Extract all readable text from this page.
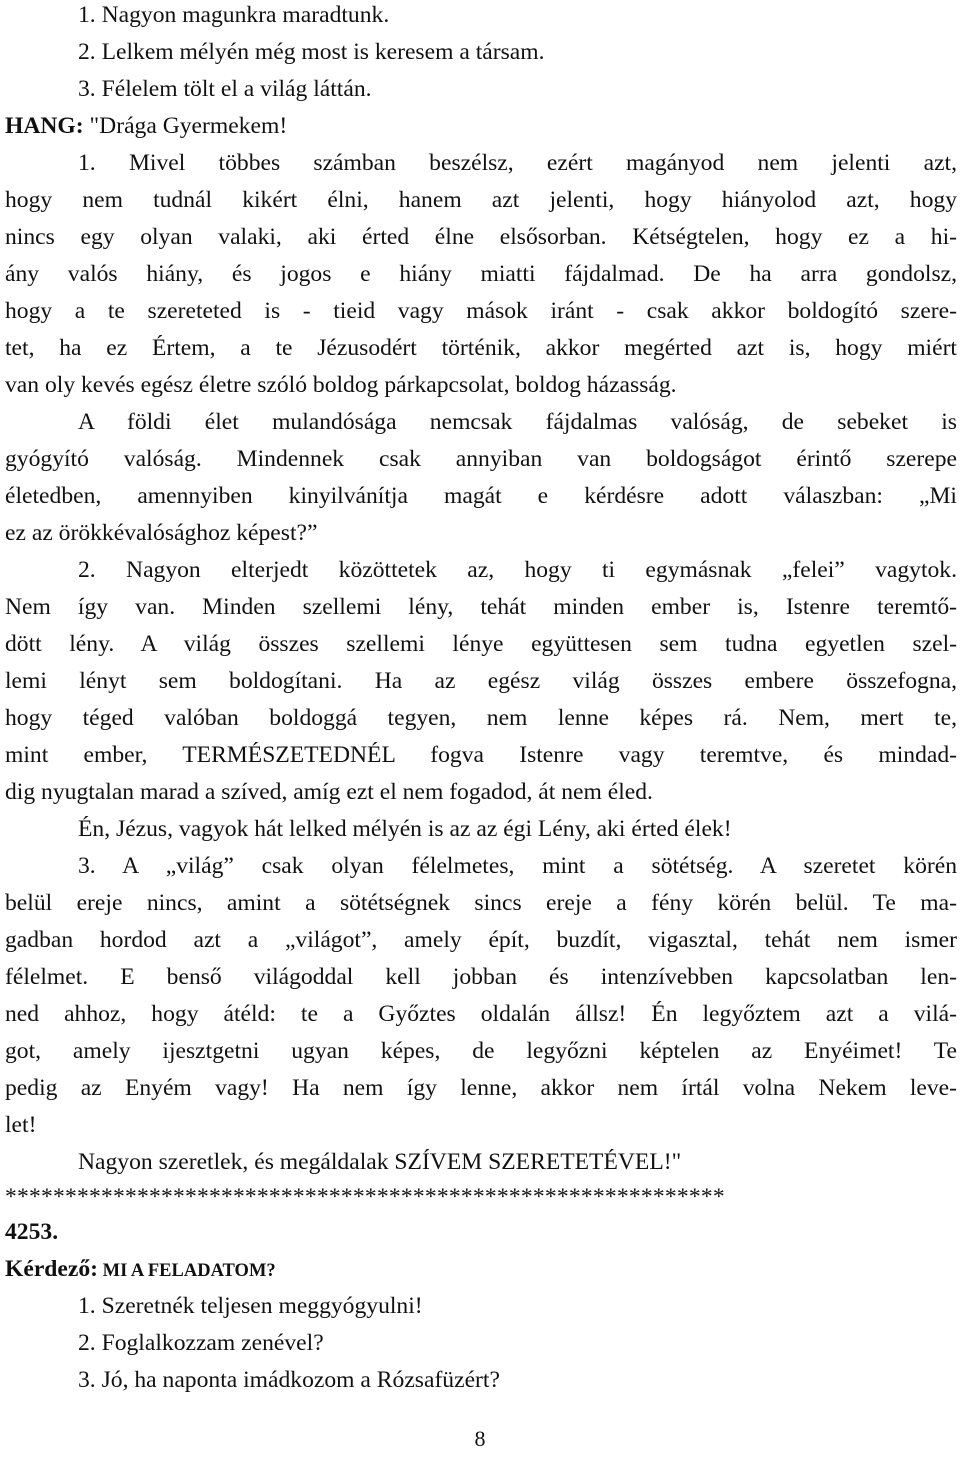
1. Nagyon magunkra maradtunk.
2. Lelkem mélyén még most is keresem a társam.
3. Félelem tölt el a világ láttán.
HANG: "Drága Gyermekem!
1. Mivel többes számban beszélsz, ezért magányod nem jelenti azt,
hogy nem tudnál kikért élni, hanem azt jelenti, hogy hiányolod azt, hogy
nincs egy olyan valaki, aki érted élne elsősorban. Kétségtelen, hogy ez a hi-
ány valós hiány, és jogos e hiány miatti fájdalmad. De ha arra gondolsz,
hogy a te szereteted is - tieid vagy mások iránt - csak akkor boldogító szere-
tet, ha ez Értem, a te Jézusodért történik, akkor megérted azt is, hogy miért
van oly kevés egész életre szóló boldog párkapcsolat, boldog házasság.
A földi élet mulandósága nemcsak fájdalmas valóság, de sebeket is
gyógyító valóság. Mindennek csak annyiban van boldogságot érintő szerepe
életedben, amennyiben kinyilvánítja magát e kérdésre adott válaszban: „Mi
ez az örökkévalósághoz képest?”
2. Nagyon elterjedt közöttetek az, hogy ti egymásnak „felei” vagytok.
Nem így van. Minden szellemi lény, tehát minden ember is, Istenre teremtő-
dött lény. A világ összes szellemi lénye együttesen sem tudna egyetlen szel-
lemi lényt sem boldogítani. Ha az egész világ összes embere összefogna,
hogy téged valóban boldoggá tegyen, nem lenne képes rá. Nem, mert te,
mint ember, TERMÉSZETEDNÉL fogva Istenre vagy teremtve, és mindad-
dig nyugtalan marad a szíved, amíg ezt el nem fogadod, át nem éled.
Én, Jézus, vagyok hát lelked mélyén is az az égi Lény, aki érted élek!
3. A „világ” csak olyan félelmetes, mint a sötétség. A szeretet körén
belül ereje nincs, amint a sötétségnek sincs ereje a fény körén belül. Te ma-
gadban hordod azt a „világot”, amely épít, buzdít, vigasztal, tehát nem ismer
félelmet. E benső világoddal kell jobban és intenzívebben kapcsolatban len-
ned ahhoz, hogy átéld: te a Győztes oldalán állsz! Én legyőztem azt a vilá-
got, amely ijesztgetni ugyan képes, de legyőzni képtelen az Enyéimet! Te
pedig az Enyém vagy! Ha nem így lenne, akkor nem írtál volna Nekem leve-
let!
Nagyon szeretlek, és megáldalak SZÍVEM SZERETETÉVEL!"
************************************************************
4253.
Kérdező: MI A FELADATOM?
1. Szeretnék teljesen meggyógyulni!
2. Foglalkozzam zenével?
3. Jó, ha naponta imádkozom a Rózsafüzért?
8
